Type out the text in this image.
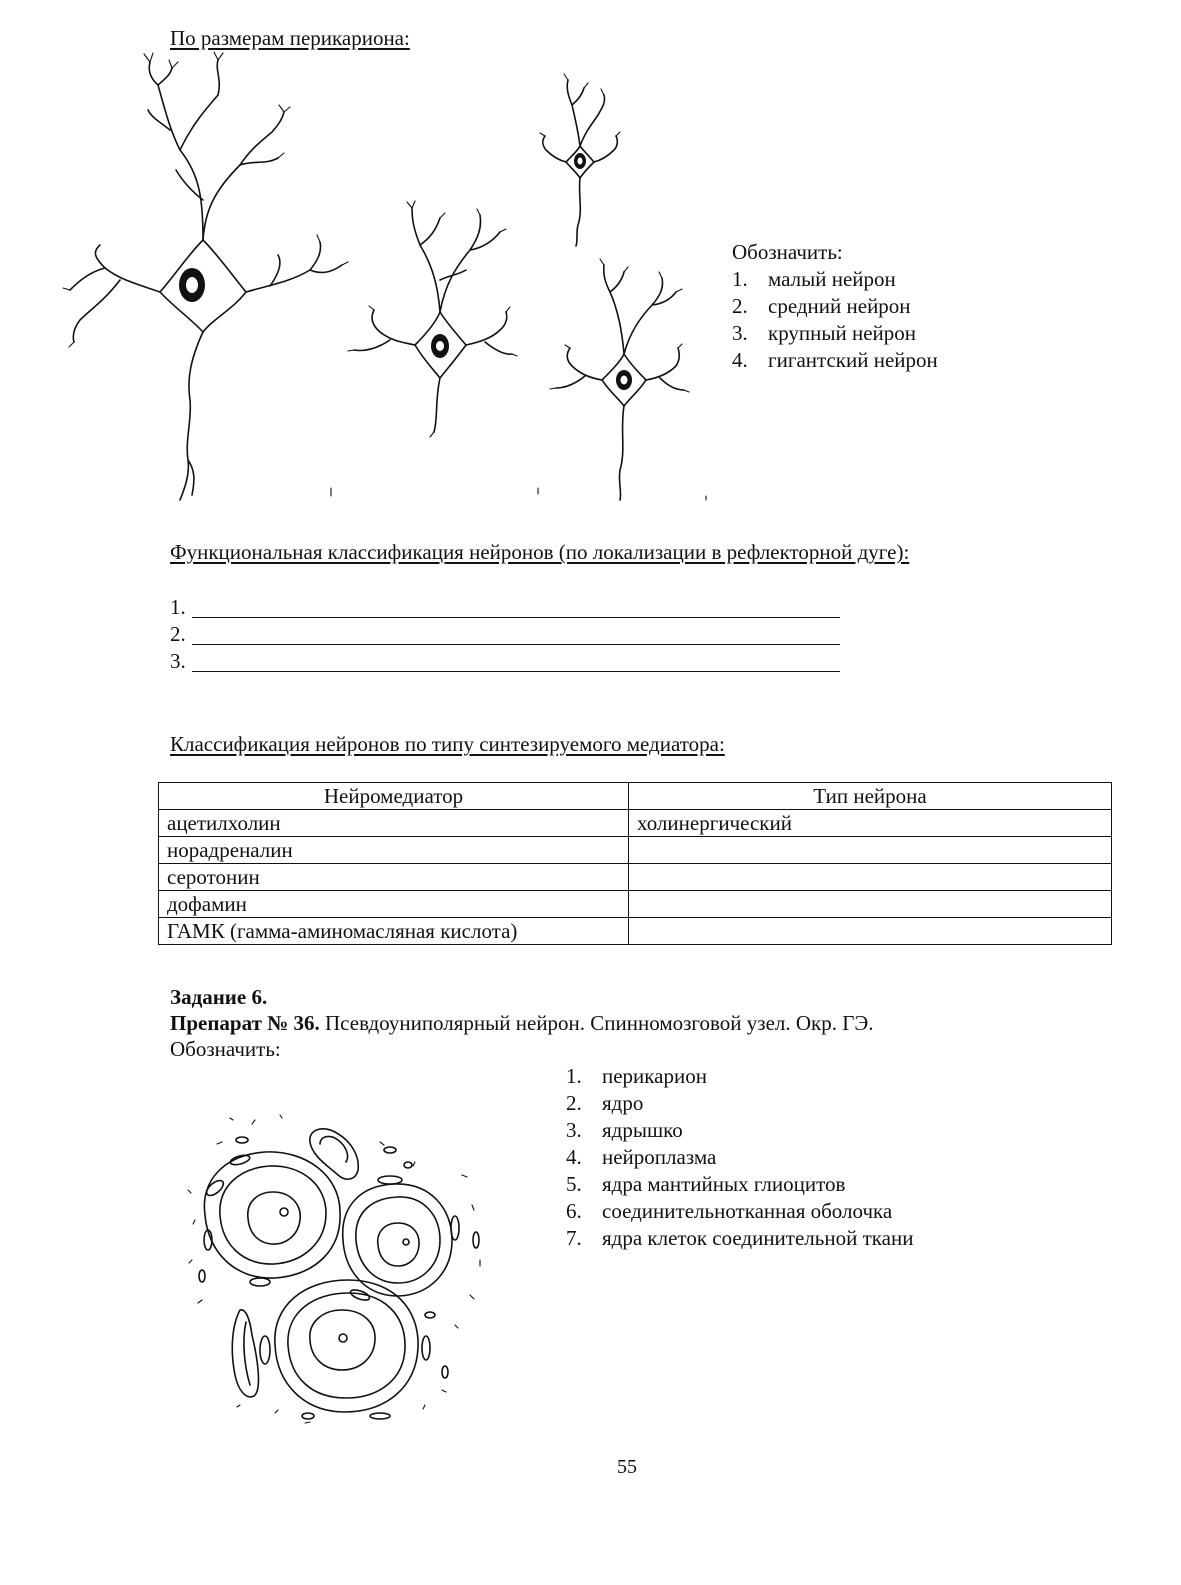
По размерам перикариона:
Обозначить:
1. малый нейрон
2. средний нейрон
3. крупный нейрон
4. гигантский нейрон
Функциональная классификация нейронов (по локализации в рефлекторной дуге):
1.
2.
3.
Классификация нейронов по типу синтезируемого медиатора:
Нейромедиатор	Тип нейрона
ацетилхолин	холинергический
норадреналин	
серотонин	
дофамин	
ГАМК (гамма-аминомасляная кислота)	
Задание 6.
Препарат № 36. Псевдоуниполярный нейрон. Спинномозговой узел. Окр. ГЭ.
Обозначить:
1. перикарион
2. ядро
3. ядрышко
4. нейроплазма
5. ядра мантийных глиоцитов
6. соединительнотканная оболочка
7. ядра клеток соединительной ткани
55
